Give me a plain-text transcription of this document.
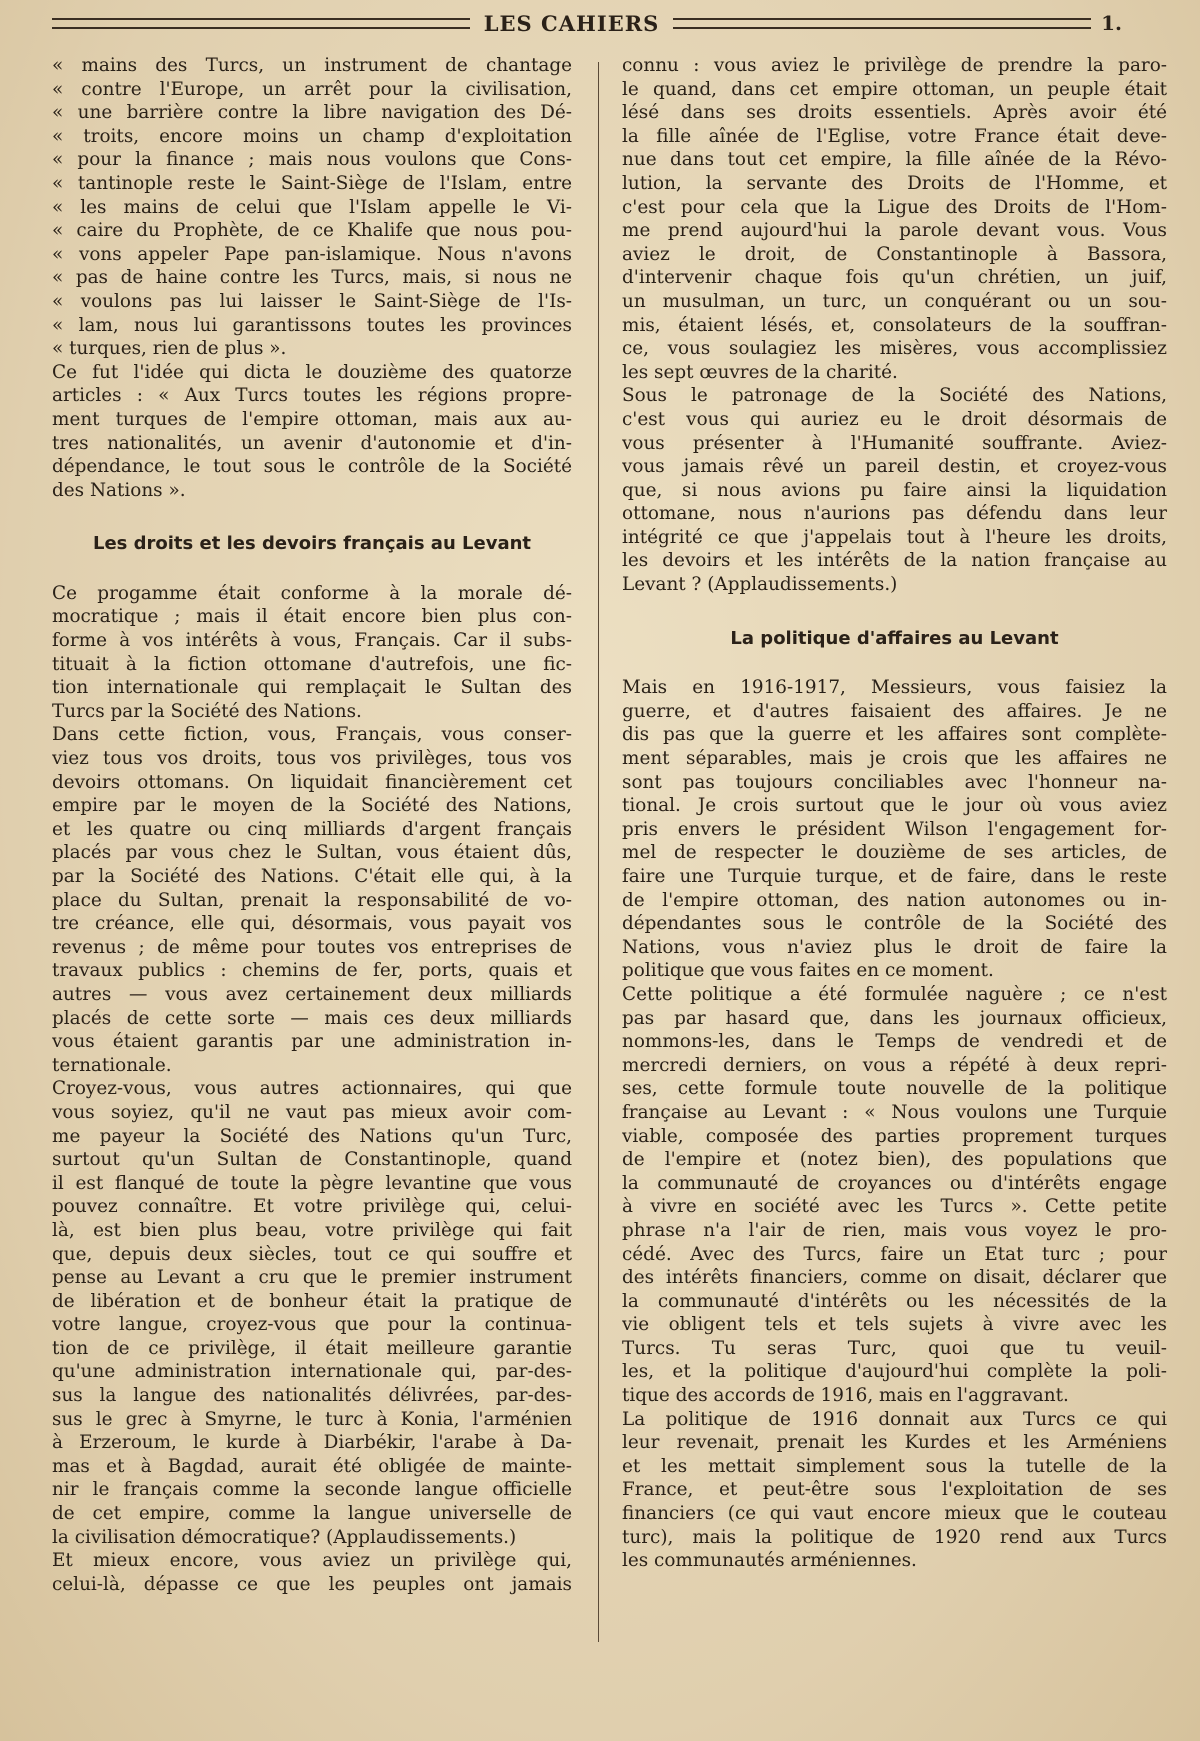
LES CAHIERS	1.
« mains des Turcs, un instrument de chantage
« contre l'Europe, un arrêt pour la civilisation,
« une barrière contre la libre navigation des Dé-
« troits, encore moins un champ d'exploitation
« pour la finance ; mais nous voulons que Cons-
« tantinople reste le Saint-Siège de l'Islam, entre
« les mains de celui que l'Islam appelle le Vi-
« caire du Prophète, de ce Khalife que nous pou-
« vons appeler Pape pan-islamique. Nous n'avons
« pas de haine contre les Turcs, mais, si nous ne
« voulons pas lui laisser le Saint-Siège de l'Is-
« lam, nous lui garantissons toutes les provinces
« turques, rien de plus ».
Ce fut l'idée qui dicta le douzième des quatorze
articles : « Aux Turcs toutes les régions propre-
ment turques de l'empire ottoman, mais aux au-
tres nationalités, un avenir d'autonomie et d'in-
dépendance, le tout sous le contrôle de la Société
des Nations ».
Les droits et les devoirs français au Levant
Ce progamme était conforme à la morale dé-
mocratique ; mais il était encore bien plus con-
forme à vos intérêts à vous, Français. Car il subs-
tituait à la fiction ottomane d'autrefois, une fic-
tion internationale qui remplaçait le Sultan des
Turcs par la Société des Nations.
Dans cette fiction, vous, Français, vous conser-
viez tous vos droits, tous vos privilèges, tous vos
devoirs ottomans. On liquidait financièrement cet
empire par le moyen de la Société des Nations,
et les quatre ou cinq milliards d'argent français
placés par vous chez le Sultan, vous étaient dûs,
par la Société des Nations. C'était elle qui, à la
place du Sultan, prenait la responsabilité de vo-
tre créance, elle qui, désormais, vous payait vos
revenus ; de même pour toutes vos entreprises de
travaux publics : chemins de fer, ports, quais et
autres — vous avez certainement deux milliards
placés de cette sorte — mais ces deux milliards
vous étaient garantis par une administration in-
ternationale.
Croyez-vous, vous autres actionnaires, qui que
vous soyiez, qu'il ne vaut pas mieux avoir com-
me payeur la Société des Nations qu'un Turc,
surtout qu'un Sultan de Constantinople, quand
il est flanqué de toute la pègre levantine que vous
pouvez connaître. Et votre privilège qui, celui-
là, est bien plus beau, votre privilège qui fait
que, depuis deux siècles, tout ce qui souffre et
pense au Levant a cru que le premier instrument
de libération et de bonheur était la pratique de
votre langue, croyez-vous que pour la continua-
tion de ce privilège, il était meilleure garantie
qu'une administration internationale qui, par-des-
sus la langue des nationalités délivrées, par-des-
sus le grec à Smyrne, le turc à Konia, l'arménien
à Erzeroum, le kurde à Diarbékir, l'arabe à Da-
mas et à Bagdad, aurait été obligée de mainte-
nir le français comme la seconde langue officielle
de cet empire, comme la langue universelle de
la civilisation démocratique? (Applaudissements.)
Et mieux encore, vous aviez un privilège qui,
celui-là, dépasse ce que les peuples ont jamais
connu : vous aviez le privilège de prendre la paro-
le quand, dans cet empire ottoman, un peuple était
lésé dans ses droits essentiels. Après avoir été
la fille aînée de l'Eglise, votre France était deve-
nue dans tout cet empire, la fille aînée de la Révo-
lution, la servante des Droits de l'Homme, et
c'est pour cela que la Ligue des Droits de l'Hom-
me prend aujourd'hui la parole devant vous. Vous
aviez le droit, de Constantinople à Bassora,
d'intervenir chaque fois qu'un chrétien, un juif,
un musulman, un turc, un conquérant ou un sou-
mis, étaient lésés, et, consolateurs de la souffran-
ce, vous soulagiez les misères, vous accomplissiez
les sept œuvres de la charité.
Sous le patronage de la Société des Nations,
c'est vous qui auriez eu le droit désormais de
vous présenter à l'Humanité souffrante. Aviez-
vous jamais rêvé un pareil destin, et croyez-vous
que, si nous avions pu faire ainsi la liquidation
ottomane, nous n'aurions pas défendu dans leur
intégrité ce que j'appelais tout à l'heure les droits,
les devoirs et les intérêts de la nation française au
Levant ? (Applaudissements.)
La politique d'affaires au Levant
Mais en 1916-1917, Messieurs, vous faisiez la
guerre, et d'autres faisaient des affaires. Je ne
dis pas que la guerre et les affaires sont complète-
ment séparables, mais je crois que les affaires ne
sont pas toujours conciliables avec l'honneur na-
tional. Je crois surtout que le jour où vous aviez
pris envers le président Wilson l'engagement for-
mel de respecter le douzième de ses articles, de
faire une Turquie turque, et de faire, dans le reste
de l'empire ottoman, des nation autonomes ou in-
dépendantes sous le contrôle de la Société des
Nations, vous n'aviez plus le droit de faire la
politique que vous faites en ce moment.
Cette politique a été formulée naguère ; ce n'est
pas par hasard que, dans les journaux officieux,
nommons-les, dans le Temps de vendredi et de
mercredi derniers, on vous a répété à deux repri-
ses, cette formule toute nouvelle de la politique
française au Levant : « Nous voulons une Turquie
viable, composée des parties proprement turques
de l'empire et (notez bien), des populations que
la communauté de croyances ou d'intérêts engage
à vivre en société avec les Turcs ». Cette petite
phrase n'a l'air de rien, mais vous voyez le pro-
cédé. Avec des Turcs, faire un Etat turc ; pour
des intérêts financiers, comme on disait, déclarer que
la communauté d'intérêts ou les nécessités de la
vie obligent tels et tels sujets à vivre avec les
Turcs. Tu seras Turc, quoi que tu veuil-
les, et la politique d'aujourd'hui complète la poli-
tique des accords de 1916, mais en l'aggravant.
La politique de 1916 donnait aux Turcs ce qui
leur revenait, prenait les Kurdes et les Arméniens
et les mettait simplement sous la tutelle de la
France, et peut-être sous l'exploitation de ses
financiers (ce qui vaut encore mieux que le couteau
turc), mais la politique de 1920 rend aux Turcs
les communautés arméniennes.
